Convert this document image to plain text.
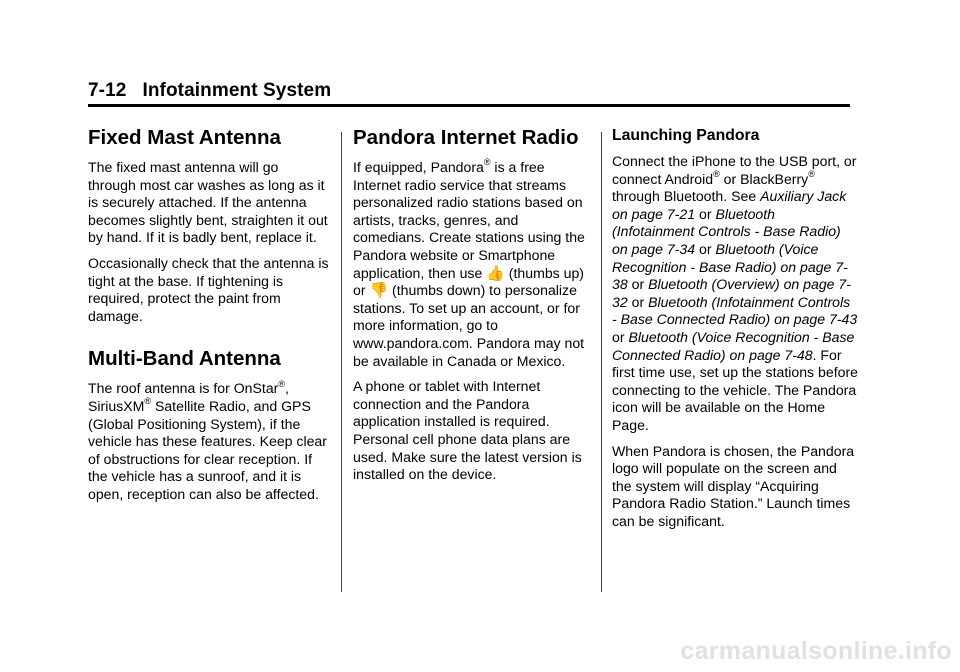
7-12 Infotainment System
Fixed Mast Antenna

The fixed mast antenna will go through most car washes as long as it is securely attached. If the antenna becomes slightly bent, straighten it out by hand. If it is badly bent, replace it.

Occasionally check that the antenna is tight at the base. If tightening is required, protect the paint from damage.

Multi-Band Antenna

The roof antenna is for OnStar®, SiriusXM® Satellite Radio, and GPS (Global Positioning System), if the vehicle has these features. Keep clear of obstructions for clear reception. If the vehicle has a sunroof, and it is open, reception can also be affected.

Pandora Internet Radio

If equipped, Pandora® is a free Internet radio service that streams personalized radio stations based on artists, tracks, genres, and comedians. Create stations using the Pandora website or Smartphone application, then use 👍 (thumbs up) or 👎 (thumbs down) to personalize stations. To set up an account, or for more information, go to www.pandora.com. Pandora may not be available in Canada or Mexico.

A phone or tablet with Internet connection and the Pandora application installed is required. Personal cell phone data plans are used. Make sure the latest version is installed on the device.

Launching Pandora

Connect the iPhone to the USB port, or connect Android® or BlackBerry® through Bluetooth. See Auxiliary Jack on page 7-21 or Bluetooth (Infotainment Controls - Base Radio) on page 7-34 or Bluetooth (Voice Recognition - Base Radio) on page 7-38 or Bluetooth (Overview) on page 7-32 or Bluetooth (Infotainment Controls - Base Connected Radio) on page 7-43 or Bluetooth (Voice Recognition - Base Connected Radio) on page 7-48. For first time use, set up the stations before connecting to the vehicle. The Pandora icon will be available on the Home Page.

When Pandora is chosen, the Pandora logo will populate on the screen and the system will display “Acquiring Pandora Radio Station.” Launch times can be significant.

carmanualsonline.info
